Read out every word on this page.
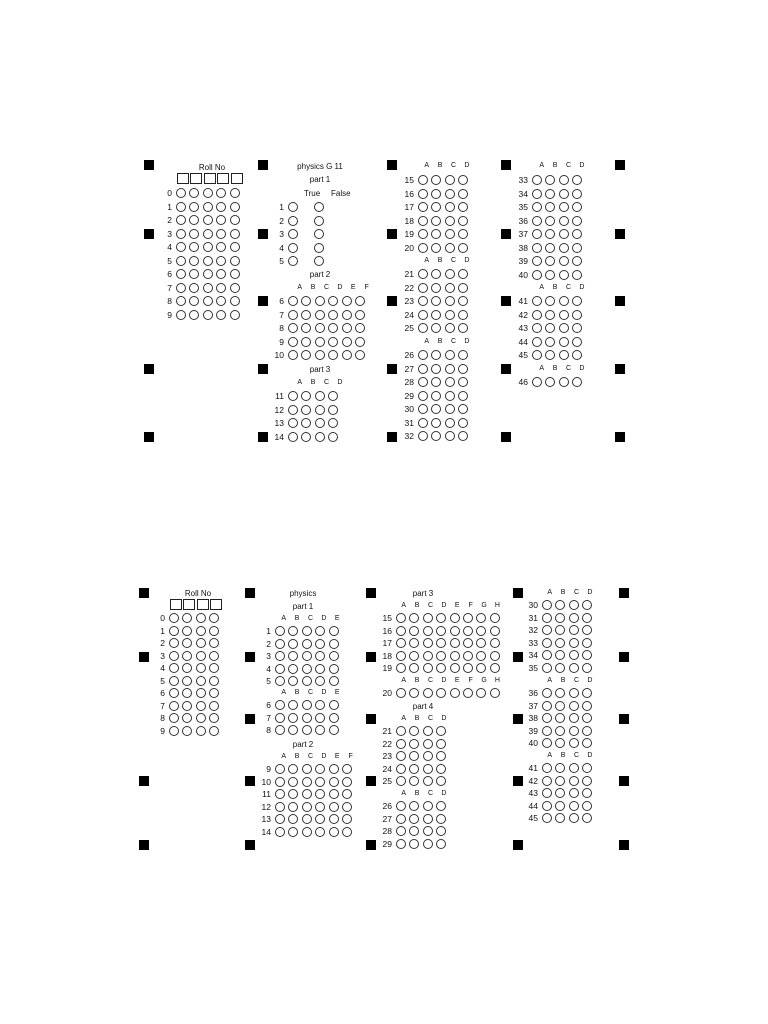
Roll No	physics G 11
part 1
True False
part 2
A B C D E F
part 3
A B C D
A B C D
A B C D
A B C D
A B C D
A B C D
A B C D
0
1
2
3
4
5
6
7
8
9
1
2
3
4
5
6
7
8
9
10
11
12
13
14
15
16
17
18
19
20
21
22
23
24
25
26
27
28
29
30
31
32
33
34
35
36
37
38
39
40
41
42
43
44
45
46
Roll No	physics
part 1
A B C D E
A B C D E
part 2
A B C D E F
part 3
A B C D E F G H
A B C D E F G H
part 4
A B C D
A B C D
A B C D
A B C D
A B C D
0
1
2
3
4
5
6
7
8
9
1
2
3
4
5
6
7
8
9
10
11
12
13
14
15
16
17
18
19
20
21
22
23
24
25
26
27
28
29
30
31
32
33
34
35
36
37
38
39
40
41
42
43
44
45
